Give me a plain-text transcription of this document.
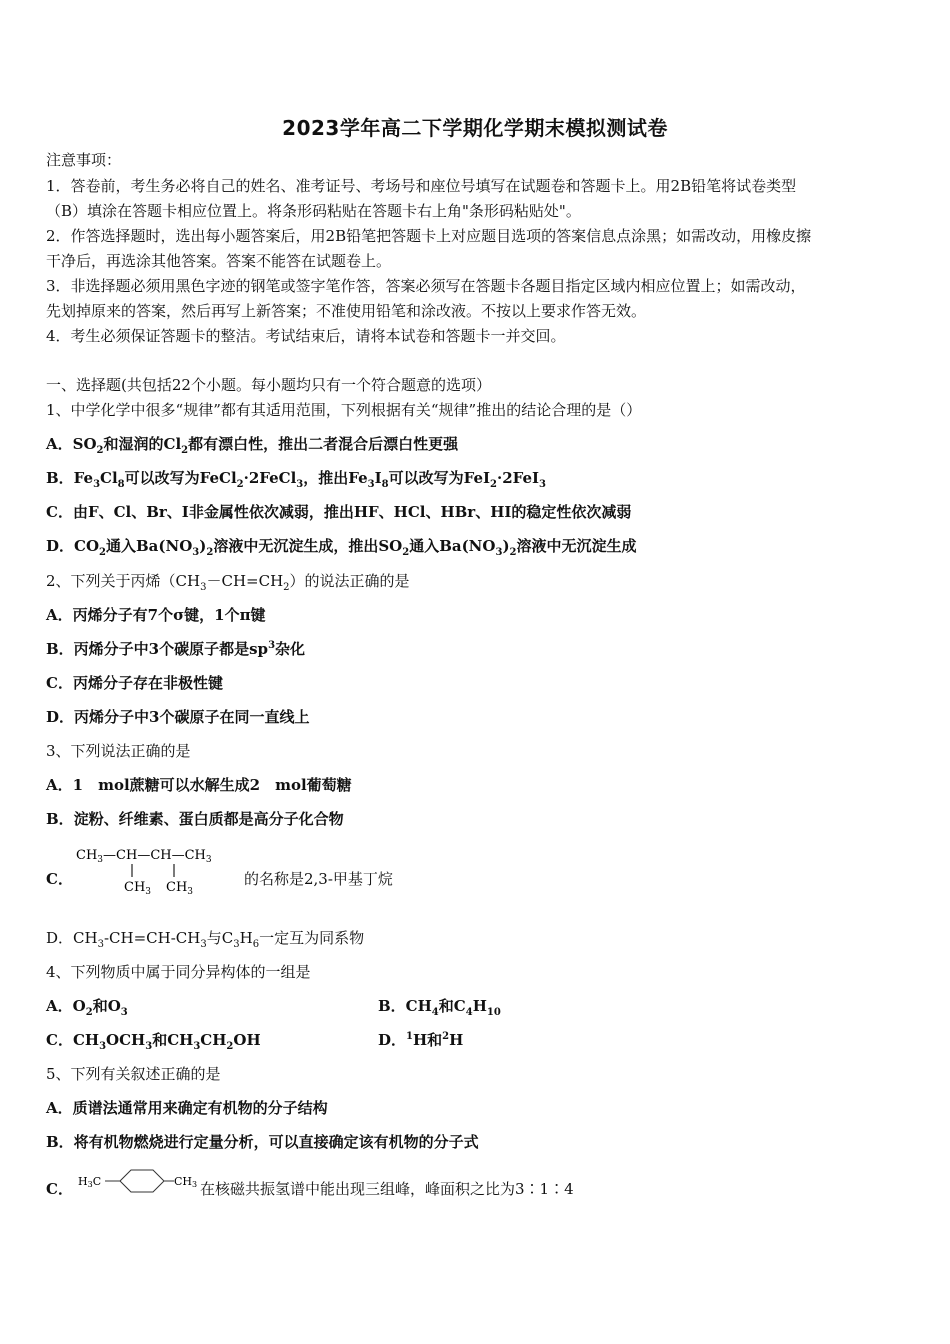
2023学年高二下学期化学期末模拟测试卷
注意事项：
1．答卷前，考生务必将自己的姓名、准考证号、考场号和座位号填写在试题卷和答题卡上。用2B铅笔将试卷类型
（B）填涂在答题卡相应位置上。将条形码粘贴在答题卡右上角"条形码粘贴处"。
2．作答选择题时，选出每小题答案后，用2B铅笔把答题卡上对应题目选项的答案信息点涂黑；如需改动，用橡皮擦
干净后，再选涂其他答案。答案不能答在试题卷上。
3．非选择题必须用黑色字迹的钢笔或签字笔作答，答案必须写在答题卡各题目指定区域内相应位置上；如需改动，
先划掉原来的答案，然后再写上新答案；不准使用铅笔和涂改液。不按以上要求作答无效。
4．考生必须保证答题卡的整洁。考试结束后，请将本试卷和答题卡一并交回。
一、选择题(共包括22个小题。每小题均只有一个符合题意的选项）
1、中学化学中很多“规律”都有其适用范围，下列根据有关“规律”推出的结论合理的是（）
A．$SO_2$和湿润的$Cl_2$都有漂白性，推出二者混合后漂白性更强
B．$Fe_3Cl_8$可以改写为FeCl$_2$·2FeCl$_3$，推出$Fe_3I_8$可以改写为FeI$_2$·2FeI$_3$
C．由F、Cl、Br、I非金属性依次减弱，推出HF、HCl、HBr、HI的稳定性依次减弱
D．$CO_2$通入$Ba(NO_3)_2$溶液中无沉淀生成，推出$SO_2$通入$Ba(NO_3)_2$溶液中无沉淀生成
2、下列关于丙烯$(CH_3-CH=CH_2)$的说法正确的是
A．丙烯分子有7个σ键，1个π键
B．丙烯分子中3个碳原子都是$sp^3$杂化
C．丙烯分子存在非极性键
D．丙烯分子中3个碳原子在同一直线上
3、下列说法正确的是
A．1　mol蔗糖可以水解生成2　mol葡萄糖
B．淀粉、纤维素、蛋白质都是高分子化合物
C．
$CH_3—CH—CH—CH_3$
$CH_3$ $CH_3$
的名称是2,3-甲基丁烷
D．$CH_3-CH=CH-CH_3$与$C_3H_6$一定互为同系物
4、下列物质中属于同分异构体的一组是
A．$O_2$和$O_3$	B．$CH_4$和$C_4H_{10}$
C．$CH_3OCH_3$和$CH_3CH_2OH$	D．$^1$H和$^2$H
5、下列有关叙述正确的是
A．质谱法通常用来确定有机物的分子结构
B．将有机物燃烧进行定量分析，可以直接确定该有机物的分子式
C． H3C	CH3 在核磁共振氢谱中能出现三组峰，峰面积之比为3∶1∶4
